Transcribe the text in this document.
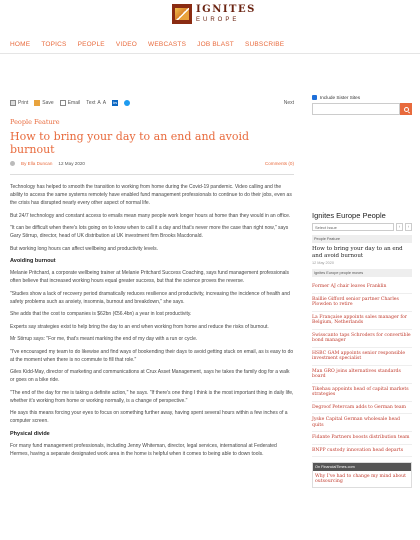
IGNITES
EUROPE
HOME TOPICS PEOPLE VIDEO WEBCASTS JOB BLAST SUBSCRIBE
Print	Save	Email Text A A	in	Next
People Feature
How to bring your day to an end and avoid burnout
By Ella Duncan 12 May 2020	Comments (0)

Technology has helped to smooth the transition to working from home during the Covid-19 pandemic. Video calling and the ability to access the same systems remotely have enabled fund management professionals to continue to do their jobs, even as the crisis has disrupted nearly every other aspect of normal life.

But 24/7 technology and constant access to emails mean many people work longer hours at home than they would in an office.

"It can be difficult when there's lots going on to know when to call it a day and that's never more the case than right now," says Gary Stirrup, director, head of UK distribution at UK investment firm Brooks Macdonald.

But working long hours can affect wellbeing and productivity levels.

Avoiding burnout

Melanie Pritchard, a corporate wellbeing trainer at Melanie Pritchard Success Coaching, says fund management professionals often believe that increased working hours equal greater success, but that the science proves the reverse.

"Studies show a lack of recovery period dramatically reduces resilience and productivity, increasing the incidence of health and safety problems such as anxiety, insomnia, burnout and breakdown," she says.

She adds that the cost to companies is $62bn (€56.4bn) a year in lost productivity.

Experts say strategies exist to help bring the day to an end when working from home and reduce the risks of burnout.

Mr Stirrup says: "For me, that's meant marking the end of my day with a run or cycle.

"I've encouraged my team to do likewise and find ways of bookending their days to avoid getting stuck on email, as is easy to do at the moment when there is no commute to fill that role."

Giles Kidd-May, director of marketing and communications at Crux Asset Management, says he takes the family dog for a walk or goes on a bike ride.

"The end of the day for me is taking a definite action," he says. "If there's one thing I think is the most important thing in daily life, whether it's working from home or working normally, is a change of perspective."

He says this means forcing your eyes to focus on something further away, having spent several hours within a few inches of a computer screen.

Physical divide

For many fund management professionals, including Jenny Whiteman, director, legal services, international at Federated Hermes, having a separate designated work area in the home is helpful when it comes to being able to down tools.

Include Sister Sites
Ignites Europe People
Select Issue	‹	›
People Feature
How to bring your day to an end and avoid burnout
12 May 2020
Ignites Europe people moves
Former AJ chair leaves Franklin
Baillie Gifford senior partner Charles Plowden to retire
La Française appoints sales manager for Belgium, Netherlands
Swisscanto taps Schroders for convertible bond manager
HSBC GAM appoints senior responsible investment specialist
Man GRO joins alternatives standards board
Tikehau appoints head of capital markets strategies
Degroof Petercam adds to German team
Jyske Capital German wholesale head quits
Fidante Partners boosts distribution team
BNPP custody innovation head departs
On FinancialTimes.com
Why I've had to change my mind about outsourcing
